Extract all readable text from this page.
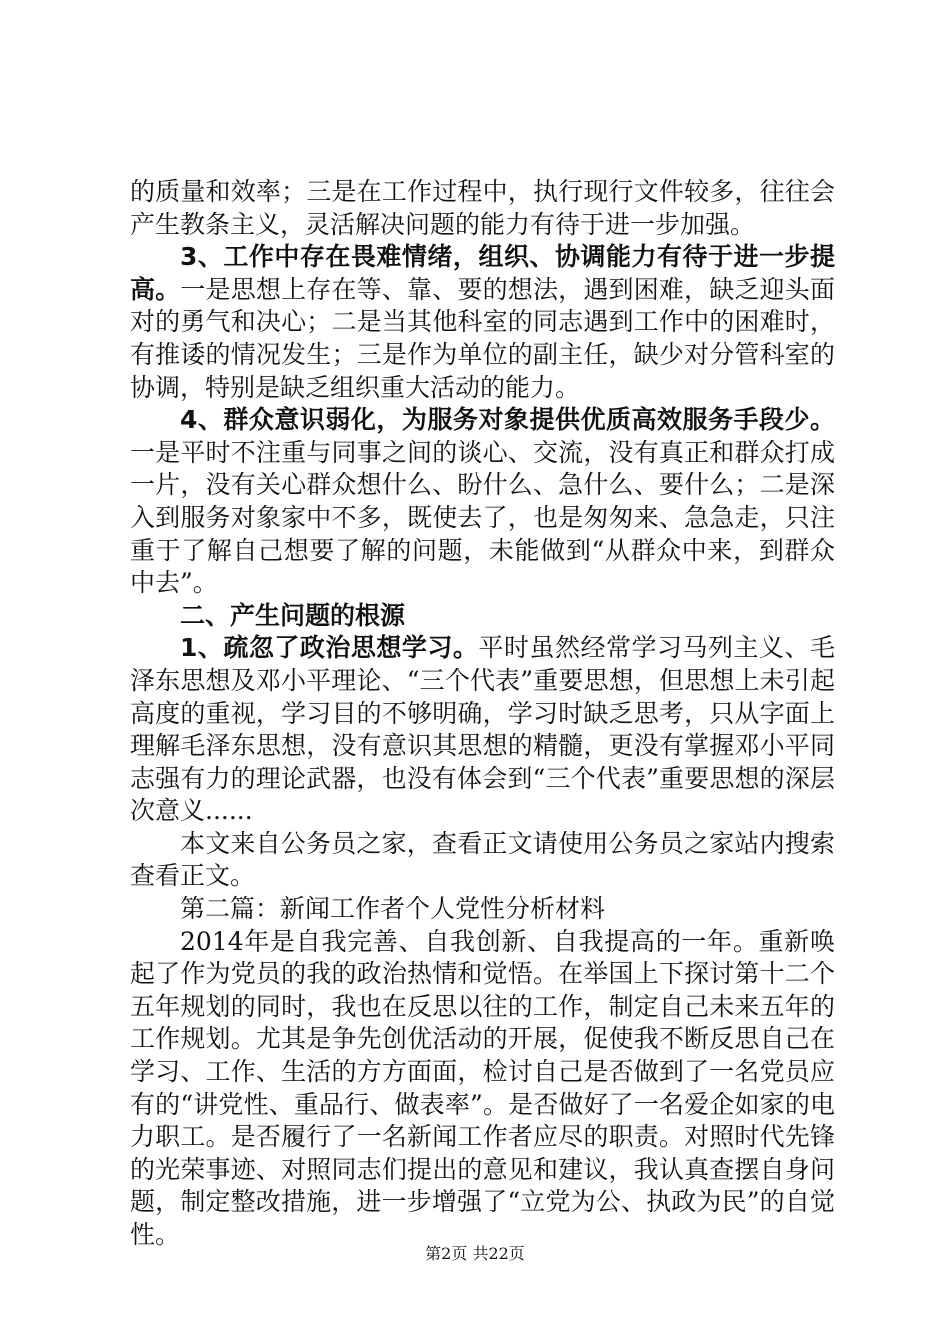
的质量和效率；三是在工作过程中，执行现行文件较多，往往会产生教条主义，灵活解决问题的能力有待于进一步加强。

3、工作中存在畏难情绪，组织、协调能力有待于进一步提高。一是思想上存在等、靠、要的想法，遇到困难，缺乏迎头面对的勇气和决心；二是当其他科室的同志遇到工作中的困难时，有推诿的情况发生；三是作为单位的副主任，缺少对分管科室的协调，特别是缺乏组织重大活动的能力。

4、群众意识弱化，为服务对象提供优质高效服务手段少。一是平时不注重与同事之间的谈心、交流，没有真正和群众打成一片，没有关心群众想什么、盼什么、急什么、要什么；二是深入到服务对象家中不多，既使去了，也是匆匆来、急急走，只注重于了解自己想要了解的问题，未能做到“从群众中来，到群众中去”。

二、产生问题的根源

1、疏忽了政治思想学习。平时虽然经常学习马列主义、毛泽东思想及邓小平理论、“三个代表”重要思想，但思想上未引起高度的重视，学习目的不够明确，学习时缺乏思考，只从字面上理解毛泽东思想，没有意识其思想的精髓，更没有掌握邓小平同志强有力的理论武器，也没有体会到“三个代表”重要思想的深层次意义......

本文来自公务员之家，查看正文请使用公务员之家站内搜索查看正文。

第二篇：新闻工作者个人党性分析材料

2014年是自我完善、自我创新、自我提高的一年。重新唤起了作为党员的我的政治热情和觉悟。在举国上下探讨第十二个五年规划的同时，我也在反思以往的工作，制定自己未来五年的工作规划。尤其是争先创优活动的开展，促使我不断反思自己在学习、工作、生活的方方面面，检讨自己是否做到了一名党员应有的“讲党性、重品行、做表率”。是否做好了一名爱企如家的电力职工。是否履行了一名新闻工作者应尽的职责。对照时代先锋的光荣事迹、对照同志们提出的意见和建议，我认真查摆自身问题，制定整改措施，进一步增强了“立党为公、执政为民”的自觉性。

第2页 共22页
